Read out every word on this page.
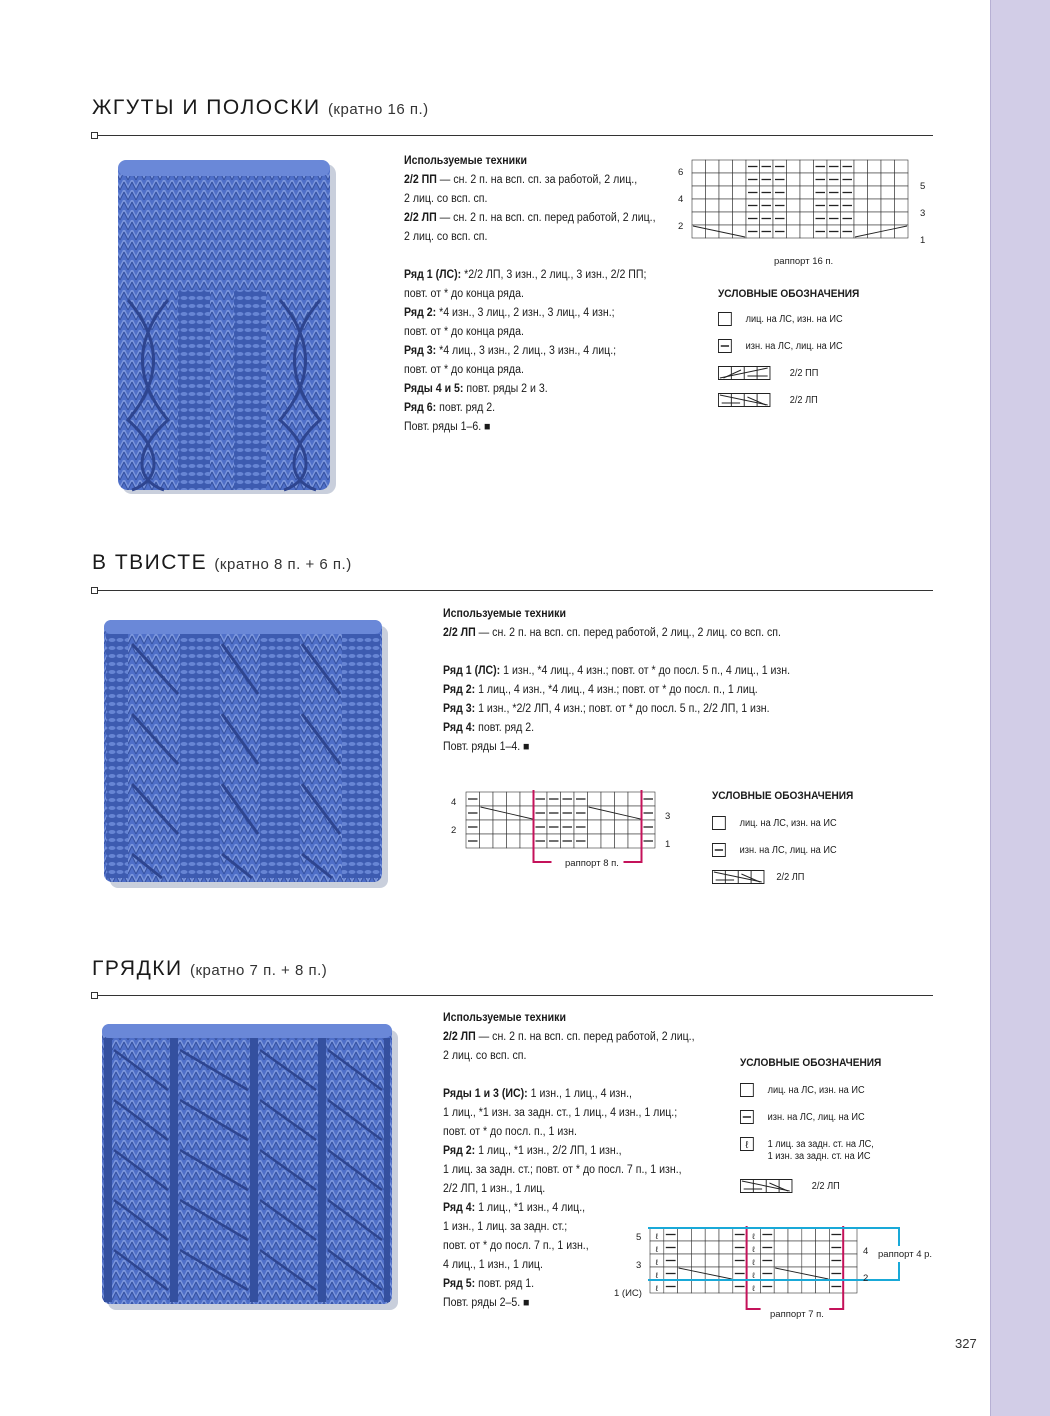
ЖГУТЫ И ПОЛОСКИ (кратно 16 п.)
Используемые техники
2/2 ПП — сн. 2 п. на всп. сп. за работой, 2 лиц.,
2 лиц. со всп. сп.
2/2 ЛП — сн. 2 п. на всп. сп. перед работой, 2 лиц.,
2 лиц. со всп. сп.
Ряд 1 (ЛС): *2/2 ЛП, 3 изн., 2 лиц., 3 изн., 2/2 ПП;
повт. от * до конца ряда.
Ряд 2: *4 изн., 3 лиц., 2 изн., 3 лиц., 4 изн.;
повт. от * до конца ряда.
Ряд 3: *4 лиц., 3 изн., 2 лиц., 3 изн., 4 лиц.;
повт. от * до конца ряда.
Ряды 4 и 5: повт. ряды 2 и 3.
Ряд 6: повт. ряд 2.
Повт. ряды 1–6. ■
6
4
2
5
3
1
раппорт 16 п.
УСЛОВНЫЕ ОБОЗНАЧЕНИЯ
лиц. на ЛС, изн. на ИС
изн. на ЛС, лиц. на ИС
2/2 ПП
2/2 ЛП
В ТВИСТЕ (кратно 8 п. + 6 п.)
Используемые техники
2/2 ЛП — сн. 2 п. на всп. сп. перед работой, 2 лиц., 2 лиц. со всп. сп.
Ряд 1 (ЛС): 1 изн., *4 лиц., 4 изн.; повт. от * до посл. 5 п., 4 лиц., 1 изн.
Ряд 2: 1 лиц., 4 изн., *4 лиц., 4 изн.; повт. от * до посл. п., 1 лиц.
Ряд 3: 1 изн., *2/2 ЛП, 4 изн.; повт. от * до посл. 5 п., 2/2 ЛП, 1 изн.
Ряд 4: повт. ряд 2.
Повт. ряды 1–4. ■
4
2
3
1
раппорт 8 п.
УСЛОВНЫЕ ОБОЗНАЧЕНИЯ
лиц. на ЛС, изн. на ИС
изн. на ЛС, лиц. на ИС
2/2 ЛП
ГРЯДКИ (кратно 7 п. + 8 п.)
Используемые техники
2/2 ЛП — сн. 2 п. на всп. сп. перед работой, 2 лиц.,
2 лиц. со всп. сп.
Ряды 1 и 3 (ИС): 1 изн., 1 лиц., 4 изн.,
1 лиц., *1 изн. за задн. ст., 1 лиц., 4 изн., 1 лиц.;
повт. от * до посл. п., 1 изн.
Ряд 2: 1 лиц., *1 изн., 2/2 ЛП, 1 изн.,
1 лиц. за задн. ст.; повт. от * до посл. 7 п., 1 изн.,
2/2 ЛП, 1 изн., 1 лиц.
Ряд 4: 1 лиц., *1 изн., 4 лиц.,
1 изн., 1 лиц. за задн. ст.;
повт. от * до посл. 7 п., 1 изн.,
4 лиц., 1 изн., 1 лиц.
Ряд 5: повт. ряд 1.
Повт. ряды 2–5. ■
УСЛОВНЫЕ ОБОЗНАЧЕНИЯ
лиц. на ЛС, изн. на ИС
изн. на ЛС, лиц. на ИС
ℓ 1 лиц. за задн. ст. на ЛС,
1 изн. за задн. ст. на ИС
2/2 ЛП
ℓ	ℓ
ℓ	ℓ
ℓ	ℓ
ℓ	ℓ
ℓ	ℓ
5
3
1 (ИС)
4
2
раппорт 4 р.
раппорт 7 п.
327
